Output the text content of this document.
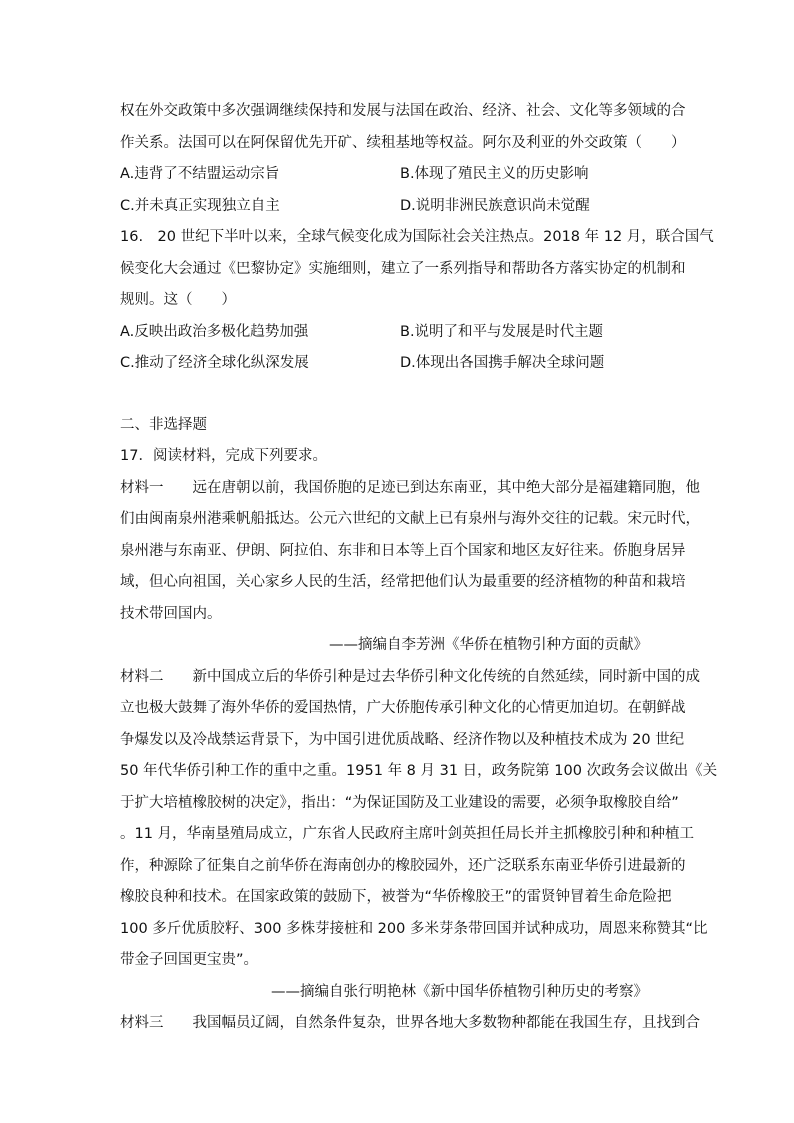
权在外交政策中多次强调继续保持和发展与法国在政治、经济、社会、文化等多领域的合
作关系。法国可以在阿保留优先开矿、续租基地等权益。阿尔及利亚的外交政策（　　）
A.违背了不结盟运动宗旨	B.体现了殖民主义的历史影响
C.并未真正实现独立自主	D.说明非洲民族意识尚未觉醒
16.　20 世纪下半叶以来，全球气候变化成为国际社会关注热点。2018 年 12 月，联合国气
候变化大会通过《巴黎协定》实施细则，建立了一系列指导和帮助各方落实协定的机制和
规则。这（　　）
A.反映出政治多极化趋势加强	B.说明了和平与发展是时代主题
C.推动了经济全球化纵深发展	D.体现出各国携手解决全球问题
二、非选择题
17．阅读材料，完成下列要求。
材料一　　远在唐朝以前，我国侨胞的足迹已到达东南亚，其中绝大部分是福建籍同胞，他
们由闽南泉州港乘帆船抵达。公元六世纪的文献上已有泉州与海外交往的记载。宋元时代，
泉州港与东南亚、伊朗、阿拉伯、东非和日本等上百个国家和地区友好往来。侨胞身居异
域，但心向祖国，关心家乡人民的生活，经常把他们认为最重要的经济植物的种苗和栽培
技术带回国内。
——摘编自李芳洲《华侨在植物引种方面的贡献》
材料二　　新中国成立后的华侨引种是过去华侨引种文化传统的自然延续，同时新中国的成
立也极大鼓舞了海外华侨的爱国热情，广大侨胞传承引种文化的心情更加迫切。在朝鲜战
争爆发以及冷战禁运背景下，为中国引进优质战略、经济作物以及种植技术成为 20 世纪
50 年代华侨引种工作的重中之重。1951 年 8 月 31 日，政务院第 100 次政务会议做出《关
于扩大培植橡胶树的决定》，指出：“为保证国防及工业建设的需要，必须争取橡胶自给”
。11 月，华南垦殖局成立，广东省人民政府主席叶剑英担任局长并主抓橡胶引种和种植工
作，种源除了征集自之前华侨在海南创办的橡胶园外，还广泛联系东南亚华侨引进最新的
橡胶良种和技术。在国家政策的鼓励下，被誉为“华侨橡胶王”的雷贤钟冒着生命危险把
100 多斤优质胶籽、300 多株芽接桩和 200 多米芽条带回国并试种成功，周恩来称赞其“比
带金子回国更宝贵”。
——摘编自张行明艳林《新中国华侨植物引种历史的考察》
材料三　　我国幅员辽阔，自然条件复杂，世界各地大多数物种都能在我国生存，且找到合
